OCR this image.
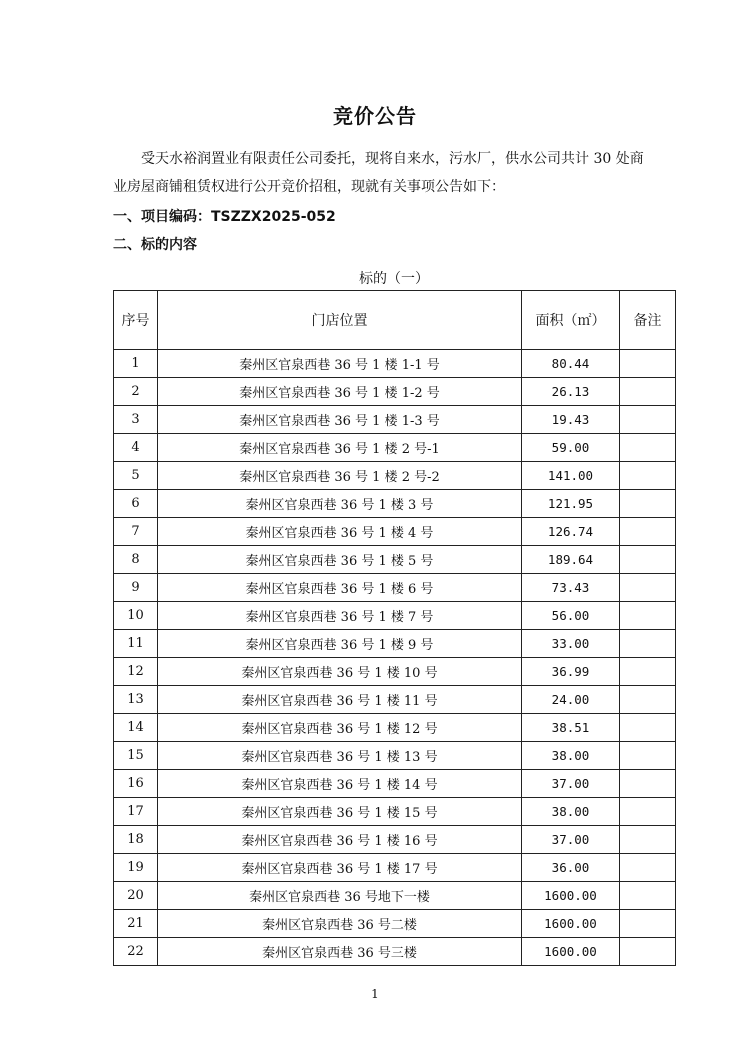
竞价公告

受天水裕润置业有限责任公司委托，现将自来水，污水厂，供水公司共计 30 处商业房屋商铺租赁权进行公开竞价招租，现就有关事项公告如下：

一、项目编码：TSZZX2025-052
二、标的内容
标的（一）
序号	门店位置	面积（㎡）	备注
1	秦州区官泉西巷 36 号 1 楼 1-1 号	80.44	
2	秦州区官泉西巷 36 号 1 楼 1-2 号	26.13	
3	秦州区官泉西巷 36 号 1 楼 1-3 号	19.43	
4	秦州区官泉西巷 36 号 1 楼 2 号-1	59.00	
5	秦州区官泉西巷 36 号 1 楼 2 号-2	141.00	
6	秦州区官泉西巷 36 号 1 楼 3 号	121.95	
7	秦州区官泉西巷 36 号 1 楼 4 号	126.74	
8	秦州区官泉西巷 36 号 1 楼 5 号	189.64	
9	秦州区官泉西巷 36 号 1 楼 6 号	73.43	
10	秦州区官泉西巷 36 号 1 楼 7 号	56.00	
11	秦州区官泉西巷 36 号 1 楼 9 号	33.00	
12	秦州区官泉西巷 36 号 1 楼 10 号	36.99	
13	秦州区官泉西巷 36 号 1 楼 11 号	24.00	
14	秦州区官泉西巷 36 号 1 楼 12 号	38.51	
15	秦州区官泉西巷 36 号 1 楼 13 号	38.00	
16	秦州区官泉西巷 36 号 1 楼 14 号	37.00	
17	秦州区官泉西巷 36 号 1 楼 15 号	38.00	
18	秦州区官泉西巷 36 号 1 楼 16 号	37.00	
19	秦州区官泉西巷 36 号 1 楼 17 号	36.00	
20	秦州区官泉西巷 36 号地下一楼	1600.00	
21	秦州区官泉西巷 36 号二楼	1600.00	
22	秦州区官泉西巷 36 号三楼	1600.00	
1
